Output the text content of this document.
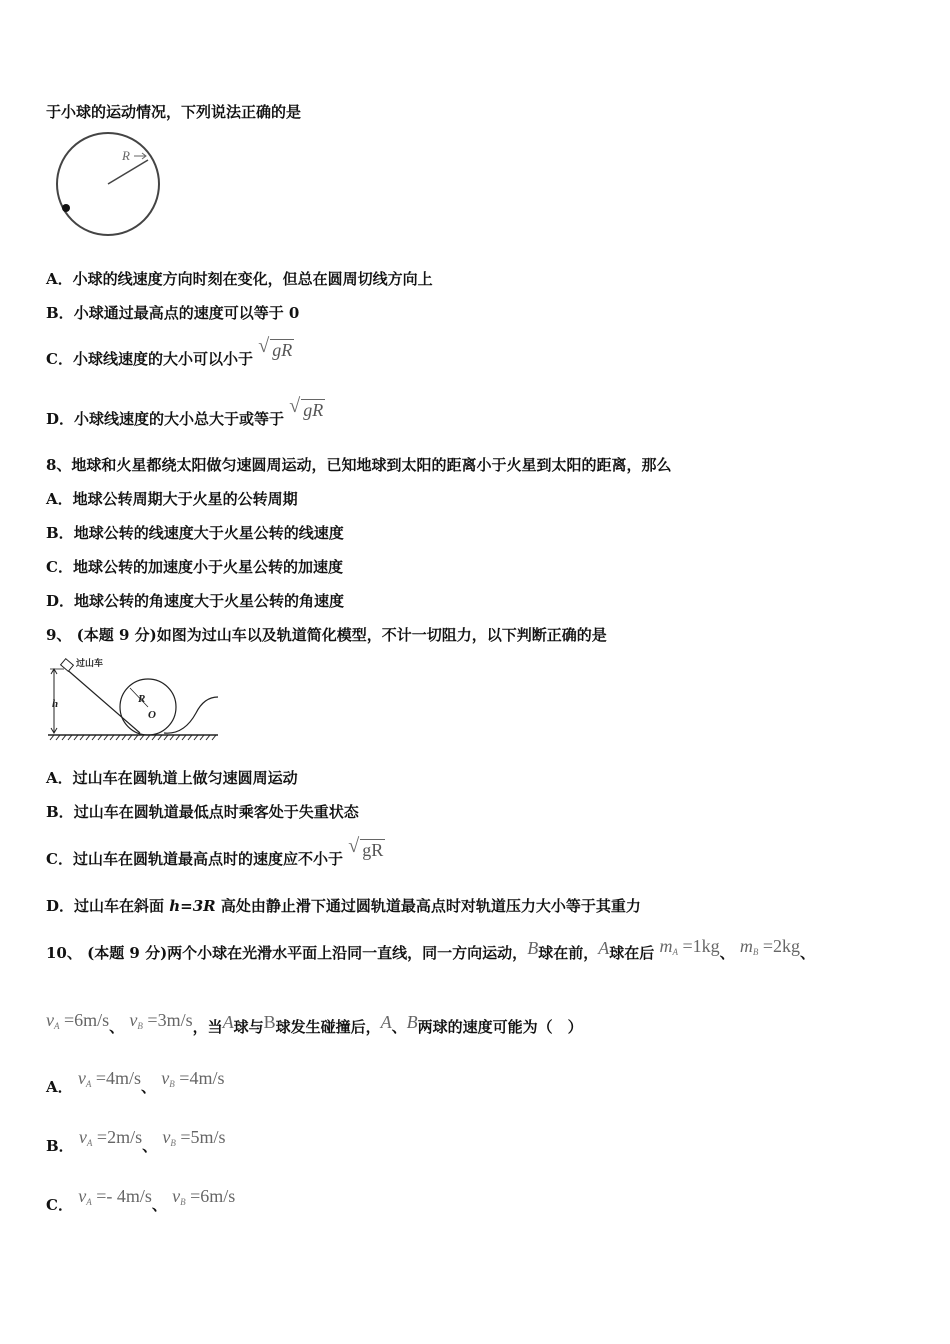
于小球的运动情况，下列说法正确的是
R
A．小球的线速度方向时刻在变化，但总在圆周切线方向上
B．小球通过最高点的速度可以等于 0
C．小球线速度的大小可以小于
√ gR
D．小球线速度的大小总大于或等于
√ gR
8、地球和火星都绕太阳做匀速圆周运动，已知地球到太阳的距离小于火星到太阳的距离，那么
A．地球公转周期大于火星的公转周期
B．地球公转的线速度大于火星公转的线速度
C．地球公转的加速度小于火星公转的加速度
D．地球公转的角速度大于火星公转的角速度
9、 (本题 9 分)如图为过山车以及轨道简化模型，不计一切阻力，以下判断正确的是
过山车
h	R
O
A．过山车在圆轨道上做匀速圆周运动
B．过山车在圆轨道最低点时乘客处于失重状态
C．过山车在圆轨道最高点时的速度应不小于
√ gR
D．过山车在斜面 h=3R 高处由静止滑下通过圆轨道最高点时对轨道压力大小等于其重力
10、 (本题 9 分)两个小球在光滑水平面上沿同一直线，同一方向运动，B球在前，A球在后 $m_A =1kg$、 $m_B =2kg$、
$v_A =6m/s$、 $v_B =3m/s$，当A球与B球发生碰撞后，A、B两球的速度可能为（　）
A． $v_A =4m/s$、 $v_B =4m/s$
B． $v_A =2m/s$、 $v_B =5m/s$
C． $v_A =- 4m/s$、 $v_B =6m/s$
